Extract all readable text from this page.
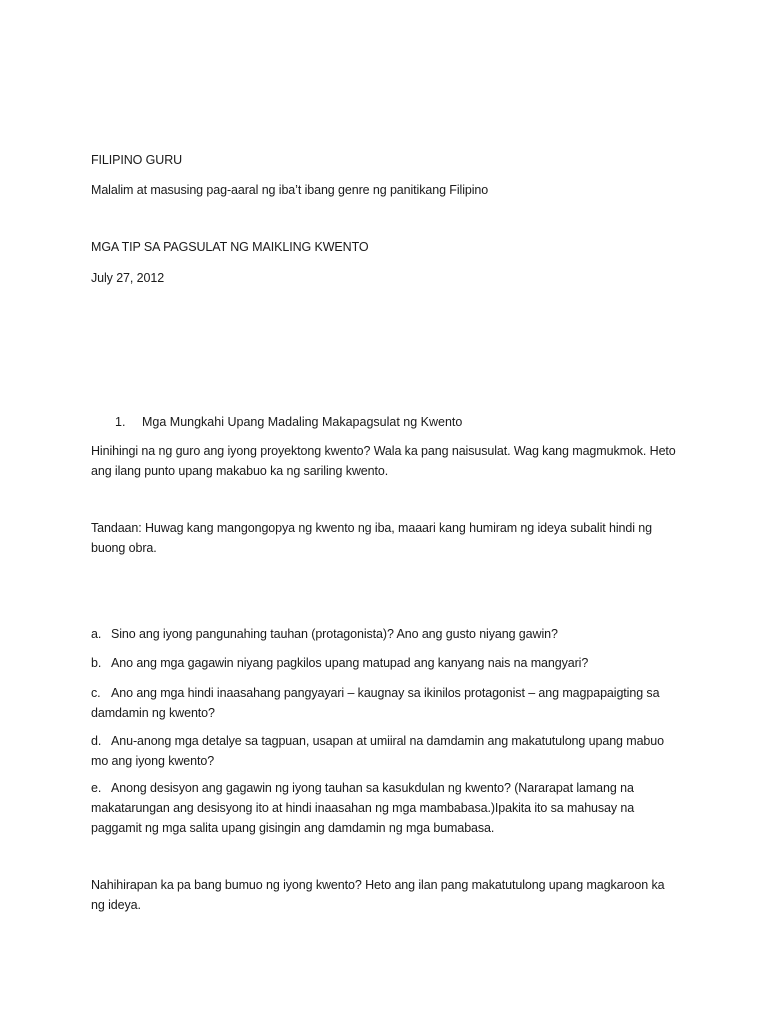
FILIPINO GURU
Malalim at masusing pag-aaral ng iba’t ibang genre ng panitikang Filipino
MGA TIP SA PAGSULAT NG MAIKLING KWENTO
July 27, 2012
1. Mga Mungkahi Upang Madaling Makapagsulat ng Kwento
Hinihingi na ng guro ang iyong proyektong kwento? Wala ka pang naisusulat. Wag kang magmukmok. Heto ang ilang punto upang makabuo ka ng sariling kwento.
Tandaan: Huwag kang mangongopya ng kwento ng iba, maaari kang humiram ng ideya subalit hindi ng buong obra.
a. Sino ang iyong pangunahing tauhan (protagonista)? Ano ang gusto niyang gawin?
b. Ano ang mga gagawin niyang pagkilos upang matupad ang kanyang nais na mangyari?
c. Ano ang mga hindi inaasahang pangyayari – kaugnay sa ikinilos protagonist – ang magpapaigting sa damdamin ng kwento?
d. Anu-anong mga detalye sa tagpuan, usapan at umiiral na damdamin ang makatutulong upang mabuo mo ang iyong kwento?
e. Anong desisyon ang gagawin ng iyong tauhan sa kasukdulan ng kwento? (Nararapat lamang na makatarungan ang desisyong ito at hindi inaasahan ng mga mambabasa.)Ipakita ito sa mahusay na paggamit ng mga salita upang gisingin ang damdamin ng mga bumabasa.
Nahihirapan ka pa bang bumuo ng iyong kwento? Heto ang ilan pang makatutulong upang magkaroon ka ng ideya.
